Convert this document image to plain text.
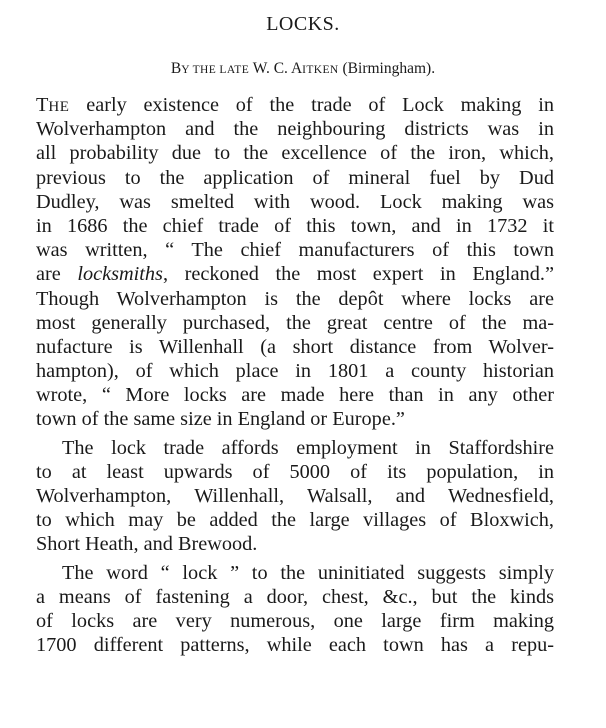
LOCKS.
BY THE LATE W. C. AITKEN (Birmingham).
THE early existence of the trade of Lock making in
Wolverhampton and the neighbouring districts was in
all probability due to the excellence of the iron, which,
previous to the application of mineral fuel by Dud
Dudley, was smelted with wood. Lock making was
in 1686 the chief trade of this town, and in 1732 it
was written, “ The chief manufacturers of this town
are locksmiths, reckoned the most expert in England.”
Though Wolverhampton is the depôt where locks are
most generally purchased, the great centre of the ma-
nufacture is Willenhall (a short distance from Wolver-
hampton), of which place in 1801 a county historian
wrote, “ More locks are made here than in any other
town of the same size in England or Europe.”
The lock trade affords employment in Staffordshire
to at least upwards of 5000 of its population, in
Wolverhampton, Willenhall, Walsall, and Wednesfield,
to which may be added the large villages of Bloxwich,
Short Heath, and Brewood.
The word “ lock ” to the uninitiated suggests simply
a means of fastening a door, chest, &c., but the kinds
of locks are very numerous, one large firm making
1700 different patterns, while each town has a repu-
